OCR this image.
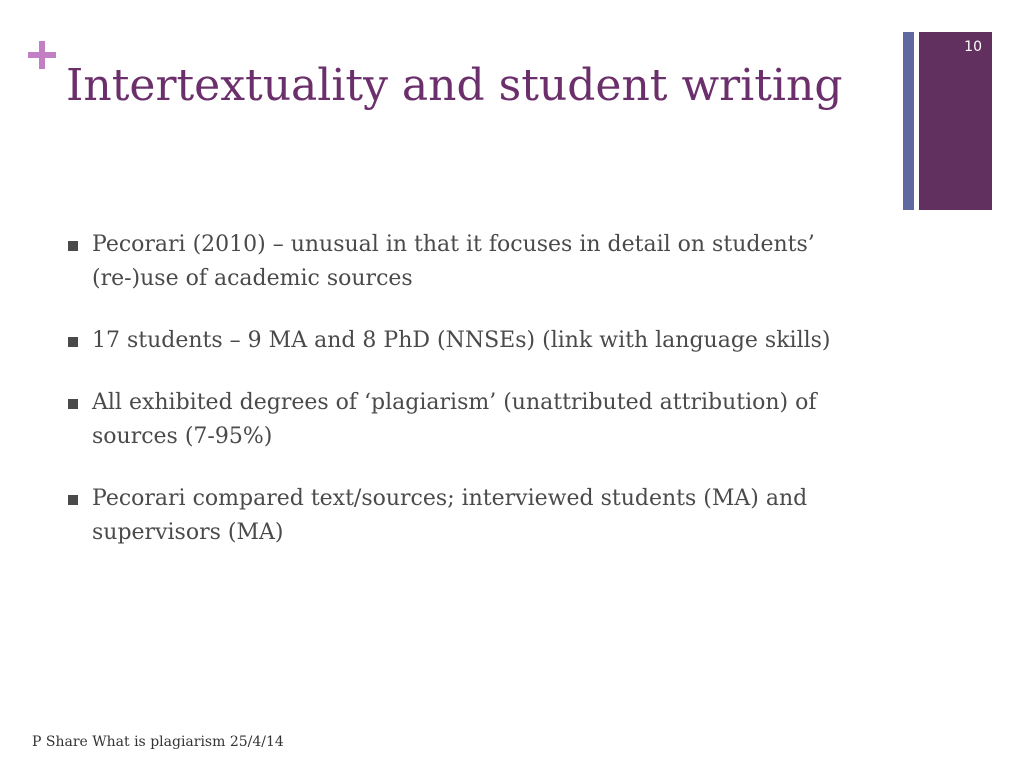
Intertextuality and student writing
10
Pecorari (2010) – unusual in that it focuses in detail on students’ (re-)use of academic sources
17 students – 9 MA and 8 PhD (NNSEs) (link with language skills)
All exhibited degrees of ‘plagiarism’ (unattributed attribution) of sources (7-95%)
Pecorari compared text/sources; interviewed students (MA) and supervisors (MA)
P Share What is plagiarism 25/4/14
